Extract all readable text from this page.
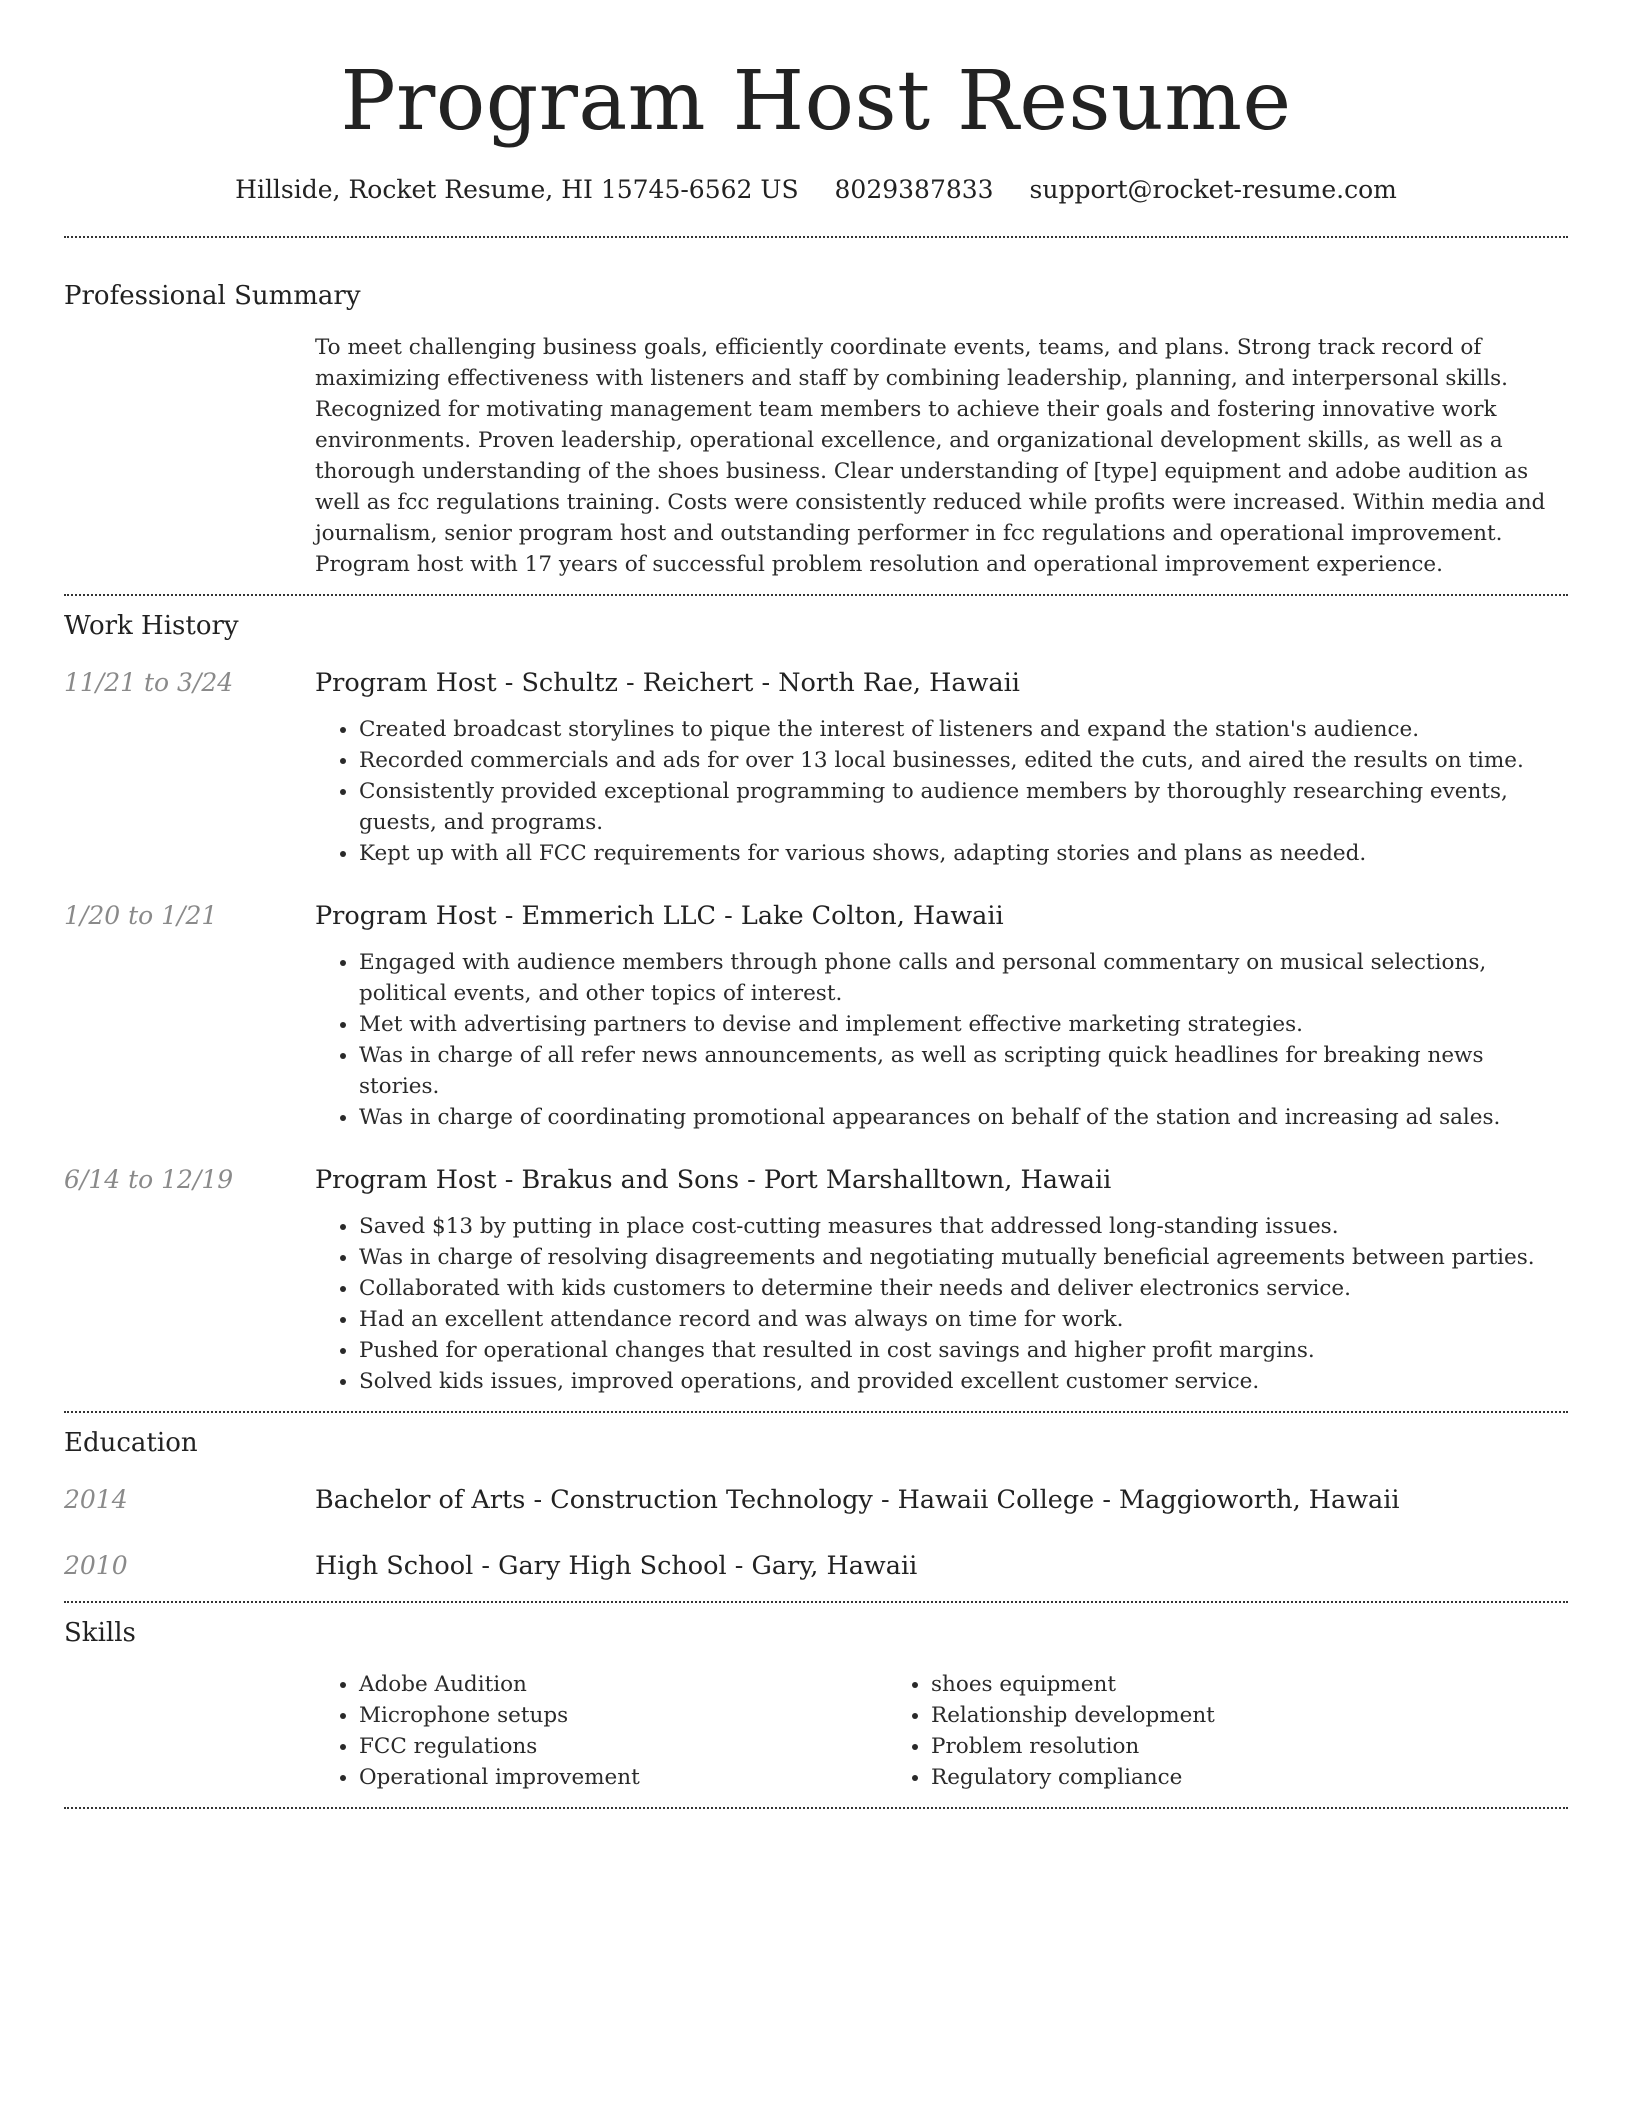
Program Host Resume
Hillside, Rocket Resume, HI 15745-6562 US 8029387833 support@rocket-resume.com
Professional Summary
To meet challenging business goals, efficiently coordinate events, teams, and plans. Strong track record of maximizing effectiveness with listeners and staff by combining leadership, planning, and interpersonal skills. Recognized for motivating management team members to achieve their goals and fostering innovative work environments. Proven leadership, operational excellence, and organizational development skills, as well as a thorough understanding of the shoes business. Clear understanding of [type] equipment and adobe audition as well as fcc regulations training. Costs were consistently reduced while profits were increased. Within media and journalism, senior program host and outstanding performer in fcc regulations and operational improvement. Program host with 17 years of successful problem resolution and operational improvement experience.
Work History
11/21 to 3/24	Program Host - Schultz - Reichert - North Rae, Hawaii
• Created broadcast storylines to pique the interest of listeners and expand the station's audience.
• Recorded commercials and ads for over 13 local businesses, edited the cuts, and aired the results on time.
• Consistently provided exceptional programming to audience members by thoroughly researching events, guests, and programs.
• Kept up with all FCC requirements for various shows, adapting stories and plans as needed.
1/20 to 1/21	Program Host - Emmerich LLC - Lake Colton, Hawaii
• Engaged with audience members through phone calls and personal commentary on musical selections, political events, and other topics of interest.
• Met with advertising partners to devise and implement effective marketing strategies.
• Was in charge of all refer news announcements, as well as scripting quick headlines for breaking news stories.
• Was in charge of coordinating promotional appearances on behalf of the station and increasing ad sales.
6/14 to 12/19	Program Host - Brakus and Sons - Port Marshalltown, Hawaii
• Saved $13 by putting in place cost-cutting measures that addressed long-standing issues.
• Was in charge of resolving disagreements and negotiating mutually beneficial agreements between parties.
• Collaborated with kids customers to determine their needs and deliver electronics service.
• Had an excellent attendance record and was always on time for work.
• Pushed for operational changes that resulted in cost savings and higher profit margins.
• Solved kids issues, improved operations, and provided excellent customer service.
Education
2014	Bachelor of Arts - Construction Technology - Hawaii College - Maggioworth, Hawaii
2010	High School - Gary High School - Gary, Hawaii
Skills
• Adobe Audition
• Microphone setups
• FCC regulations
• Operational improvement
• shoes equipment
• Relationship development
• Problem resolution
• Regulatory compliance
